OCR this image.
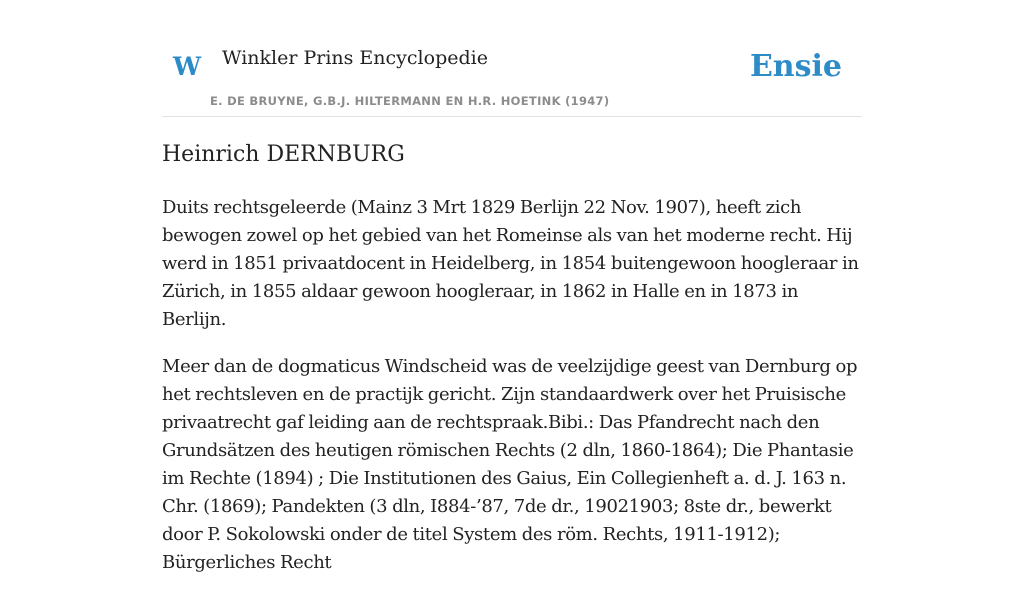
W Winkler Prins Encyclopedie
E. DE BRUYNE, G.B.J. HILTERMANN EN H.R. HOETINK (1947)
Ensie
Heinrich DERNBURG

Duits rechtsgeleerde (Mainz 3 Mrt 1829 Berlijn 22 Nov. 1907), heeft zich bewogen zowel op het gebied van het Romeinse als van het moderne recht. Hij werd in 1851 privaatdocent in Heidelberg, in 1854 buitengewoon hoogleraar in Zürich, in 1855 aldaar gewoon hoogleraar, in 1862 in Halle en in 1873 in Berlijn.

Meer dan de dogmaticus Windscheid was de veelzijdige geest van Dernburg op het rechtsleven en de practijk gericht. Zijn standaardwerk over het Pruisische privaatrecht gaf leiding aan de rechtspraak.Bibi.: Das Pfandrecht nach den Grundsätzen des heutigen römischen Rechts (2 dln, 1860-1864); Die Phantasie im Rechte (1894) ; Die Institutionen des Gaius, Ein Collegienheft a. d. J. 163 n. Chr. (1869); Pandekten (3 dln, I884-’87, 7de dr., 19021903; 8ste dr., bewerkt door P. Sokolowski onder de titel System des röm. Rechts, 1911-1912); Bürgerliches Recht
